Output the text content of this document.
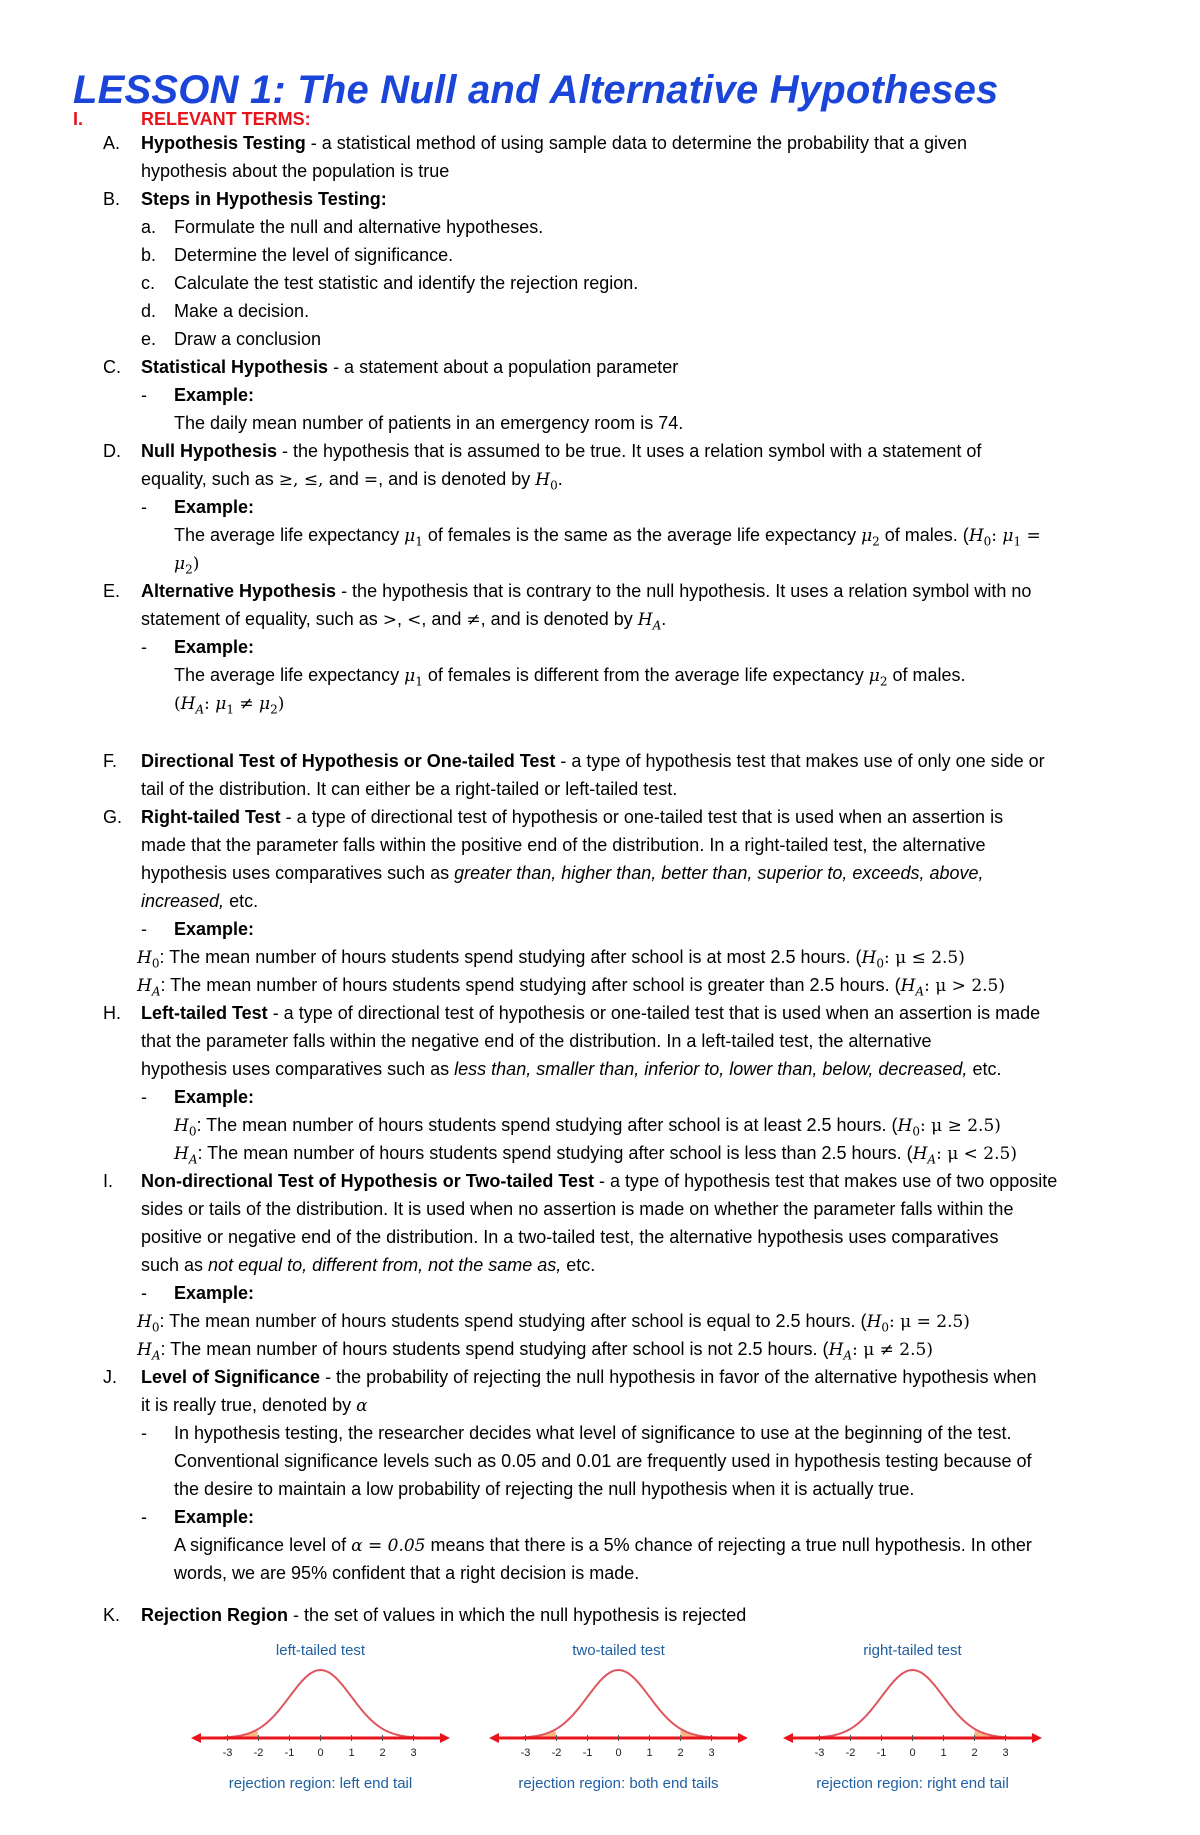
LESSON 1: The Null and Alternative Hypotheses
I.	RELEVANT TERMS:
A. Hypothesis Testing - a statistical method of using sample data to determine the probability that a given
hypothesis about the population is true
B. Steps in Hypothesis Testing:
a. Formulate the null and alternative hypotheses.
b. Determine the level of significance.
c. Calculate the test statistic and identify the rejection region.
d. Make a decision.
e. Draw a conclusion
C. Statistical Hypothesis - a statement about a population parameter
- Example:
The daily mean number of patients in an emergency room is 74.
D. Null Hypothesis - the hypothesis that is assumed to be true. It uses a relation symbol with a statement of
equality, such as ≥, ≤, and =, and is denoted by $H_0$.
- Example:
The average life expectancy $\mu_1$ of females is the same as the average life expectancy $\mu_2$ of males. ($H_0$: $\mu_1$ =
$\mu_2$)
E. Alternative Hypothesis - the hypothesis that is contrary to the null hypothesis. It uses a relation symbol with no
statement of equality, such as >, <, and ≠, and is denoted by $H_A$.
- Example:
The average life expectancy $\mu_1$ of females is different from the average life expectancy $\mu_2$ of males.
($H_A$: $\mu_1 \ne \mu_2$)
F. Directional Test of Hypothesis or One-tailed Test - a type of hypothesis test that makes use of only one side or
tail of the distribution. It can either be a right-tailed or left-tailed test.
G. Right-tailed Test - a type of directional test of hypothesis or one-tailed test that is used when an assertion is
made that the parameter falls within the positive end of the distribution. In a right-tailed test, the alternative
hypothesis uses comparatives such as greater than, higher than, better than, superior to, exceeds, above,
increased, etc.
- Example:
$H_0$: The mean number of hours students spend studying after school is at most 2.5 hours. ($H_0$: μ ≤ 2.5)
$H_A$: The mean number of hours students spend studying after school is greater than 2.5 hours. ($H_A$: μ > 2.5)
H. Left-tailed Test - a type of directional test of hypothesis or one-tailed test that is used when an assertion is made
that the parameter falls within the negative end of the distribution. In a left-tailed test, the alternative
hypothesis uses comparatives such as less than, smaller than, inferior to, lower than, below, decreased, etc.
- Example:
$H_0$: The mean number of hours students spend studying after school is at least 2.5 hours. ($H_0$: μ ≥ 2.5)
$H_A$: The mean number of hours students spend studying after school is less than 2.5 hours. ($H_A$: μ < 2.5)
I. Non-directional Test of Hypothesis or Two-tailed Test - a type of hypothesis test that makes use of two opposite
sides or tails of the distribution. It is used when no assertion is made on whether the parameter falls within the
positive or negative end of the distribution. In a two-tailed test, the alternative hypothesis uses comparatives
such as not equal to, different from, not the same as, etc.
- Example:
$H_0$: The mean number of hours students spend studying after school is equal to 2.5 hours. ($H_0$: μ = 2.5)
$H_A$: The mean number of hours students spend studying after school is not 2.5 hours. ($H_A$: μ ≠ 2.5)
J. Level of Significance - the probability of rejecting the null hypothesis in favor of the alternative hypothesis when
it is really true, denoted by α
- In hypothesis testing, the researcher decides what level of significance to use at the beginning of the test.
Conventional significance levels such as 0.05 and 0.01 are frequently used in hypothesis testing because of
the desire to maintain a low probability of rejecting the null hypothesis when it is actually true.
- Example:
A significance level of α = 0.05 means that there is a 5% chance of rejecting a true null hypothesis. In other
words, we are 95% confident that a right decision is made.
K. Rejection Region - the set of values in which the null hypothesis is rejected
left-tailed test
-3 -2 -1 0 1 2 3
rejection region: left end tail
two-tailed test
-3 -2 -1 0 1 2 3
rejection region: both end tails
right-tailed test
-3 -2 -1 0 1 2 3
rejection region: right end tail
